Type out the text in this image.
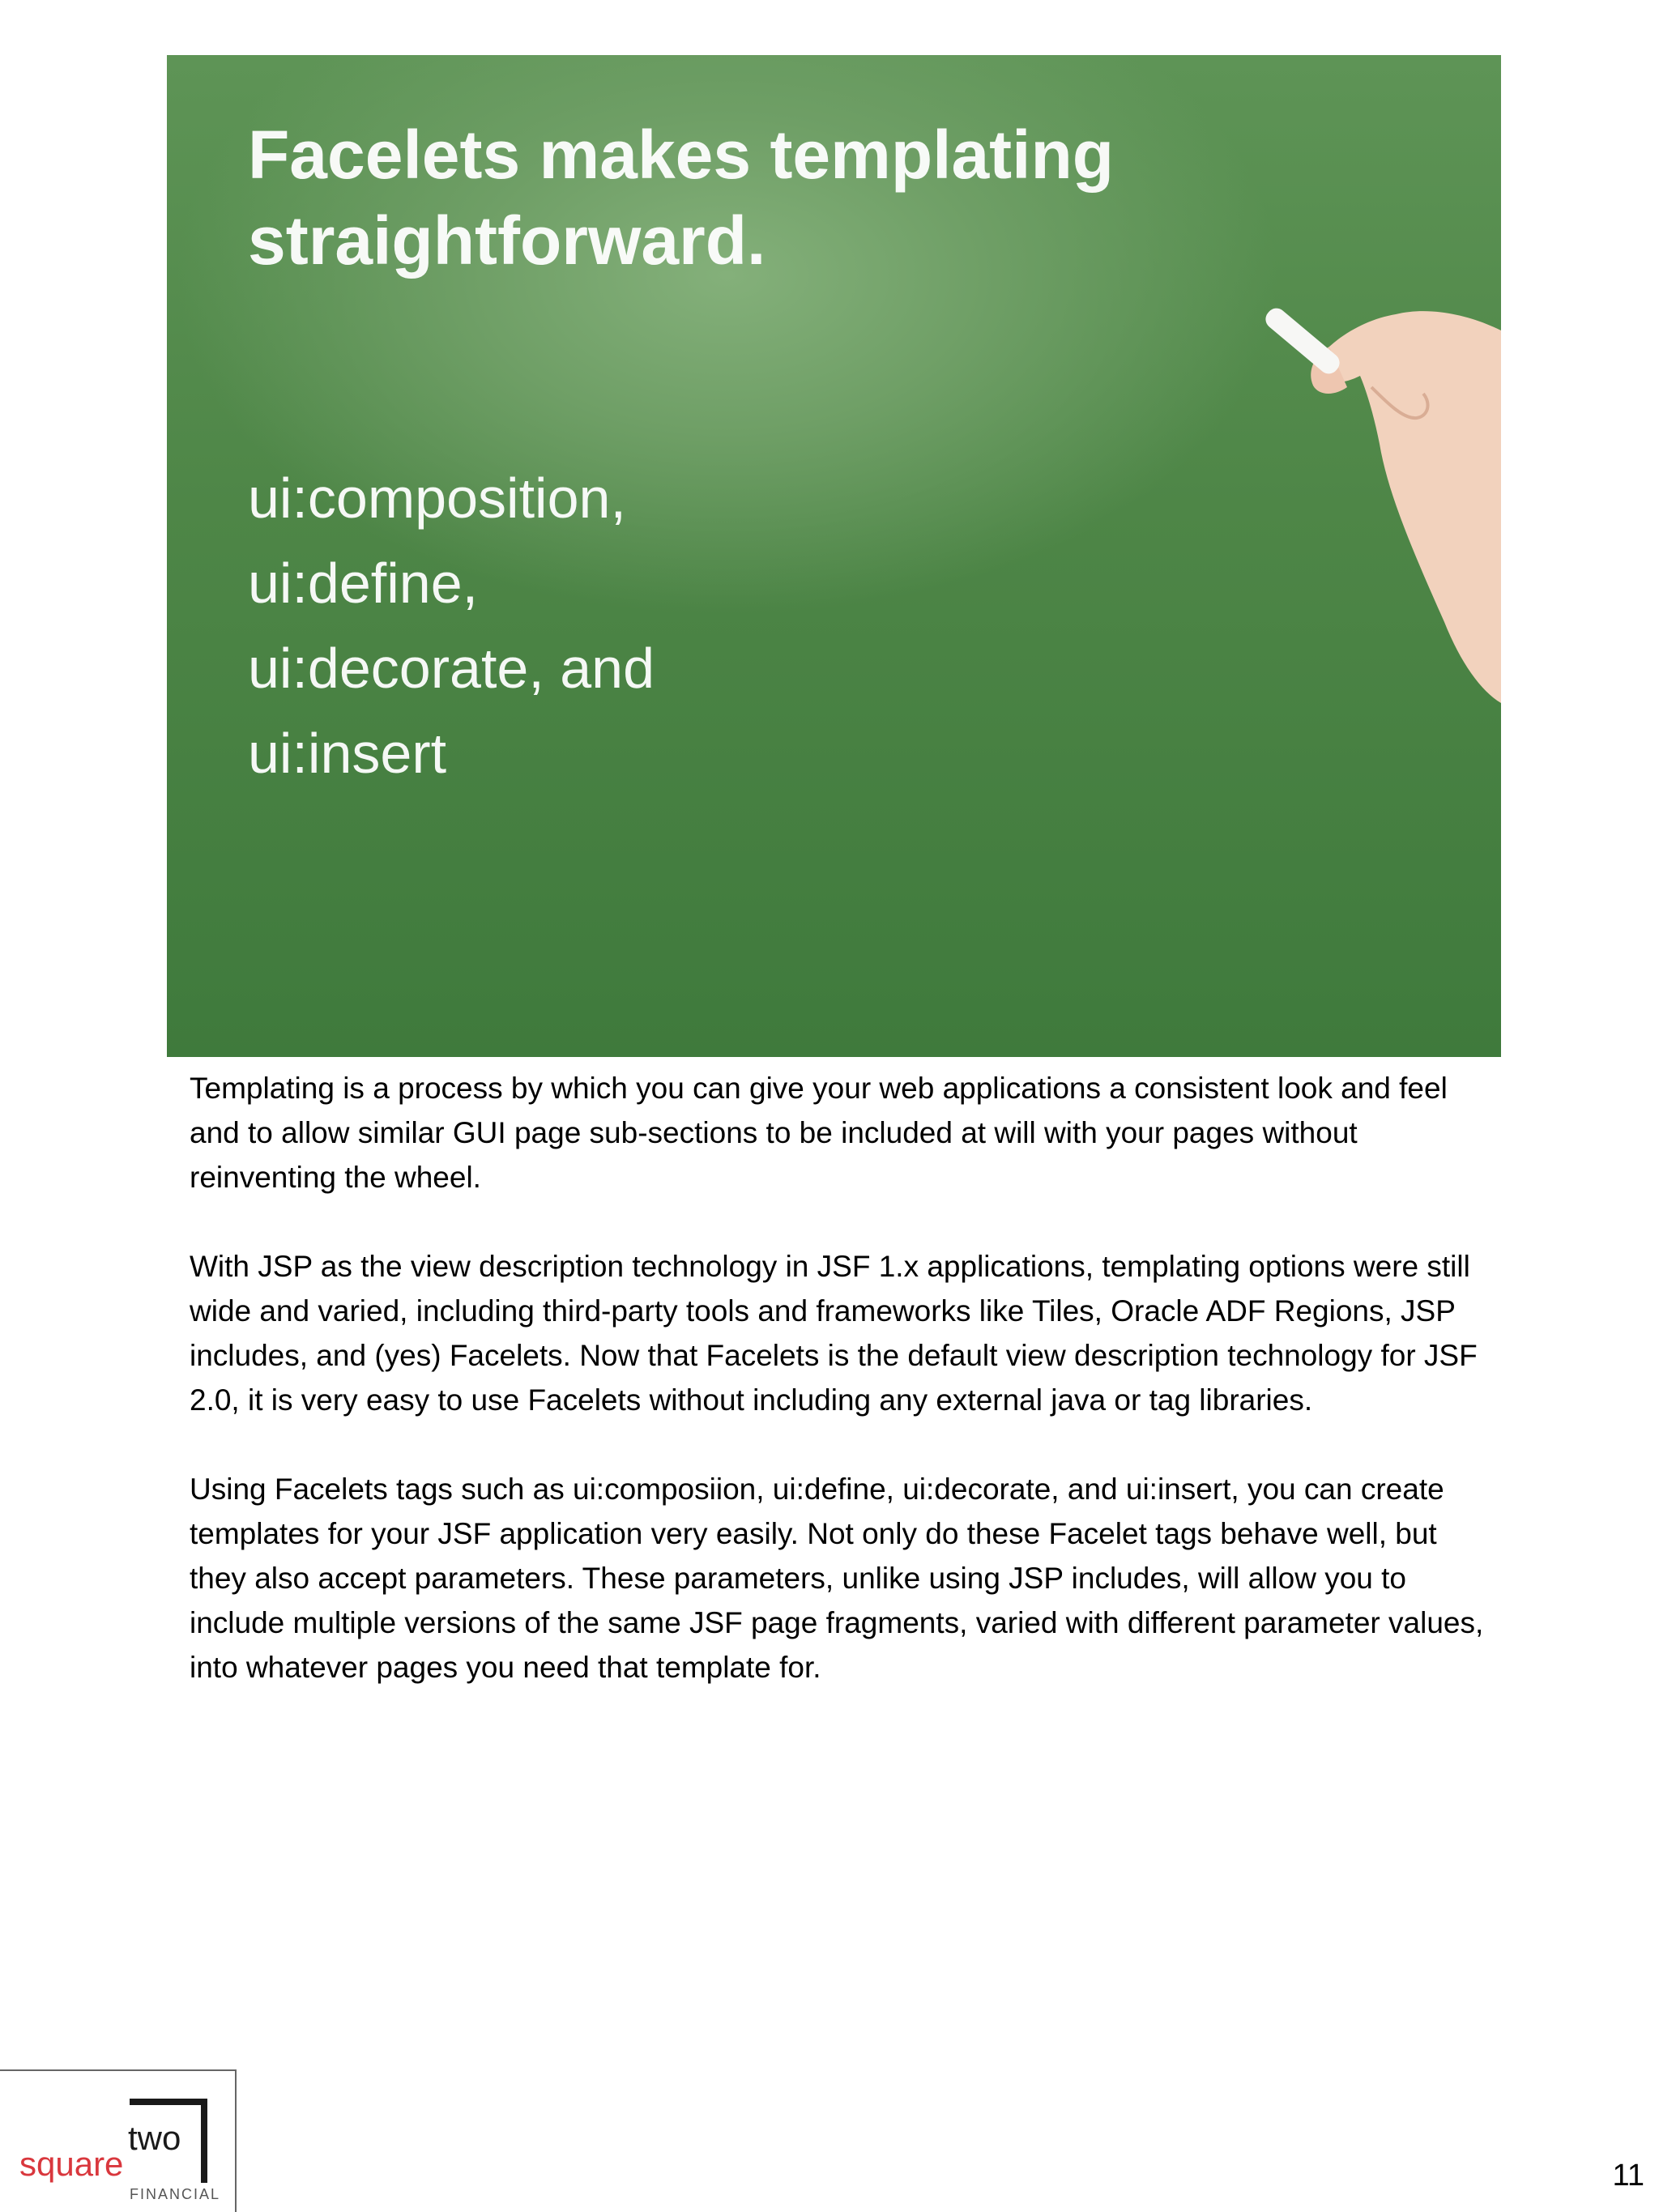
Facelets makes templating
straightforward.
ui:composition,
ui:define,
ui:decorate, and
ui:insert

Templating is a process by which you can give your web applications a consistent look and feel and to allow similar GUI page sub-sections to be included at will with your pages without reinventing the wheel.

With JSP as the view description technology in JSF 1.x applications, templating options were still wide and varied, including third-party tools and frameworks like Tiles, Oracle ADF Regions, JSP includes, and (yes) Facelets. Now that Facelets is the default view description technology for JSF 2.0, it is very easy to use Facelets without including any external java or tag libraries.

Using Facelets tags such as ui:composiion, ui:define, ui:decorate, and ui:insert, you can create templates for your JSF application very easily. Not only do these Facelet tags behave well, but they also accept parameters. These parameters, unlike using JSP includes, will allow you to include multiple versions of the same JSF page fragments, varied with different parameter values, into whatever pages you need that template for.

square
two
FINANCIAL
11
